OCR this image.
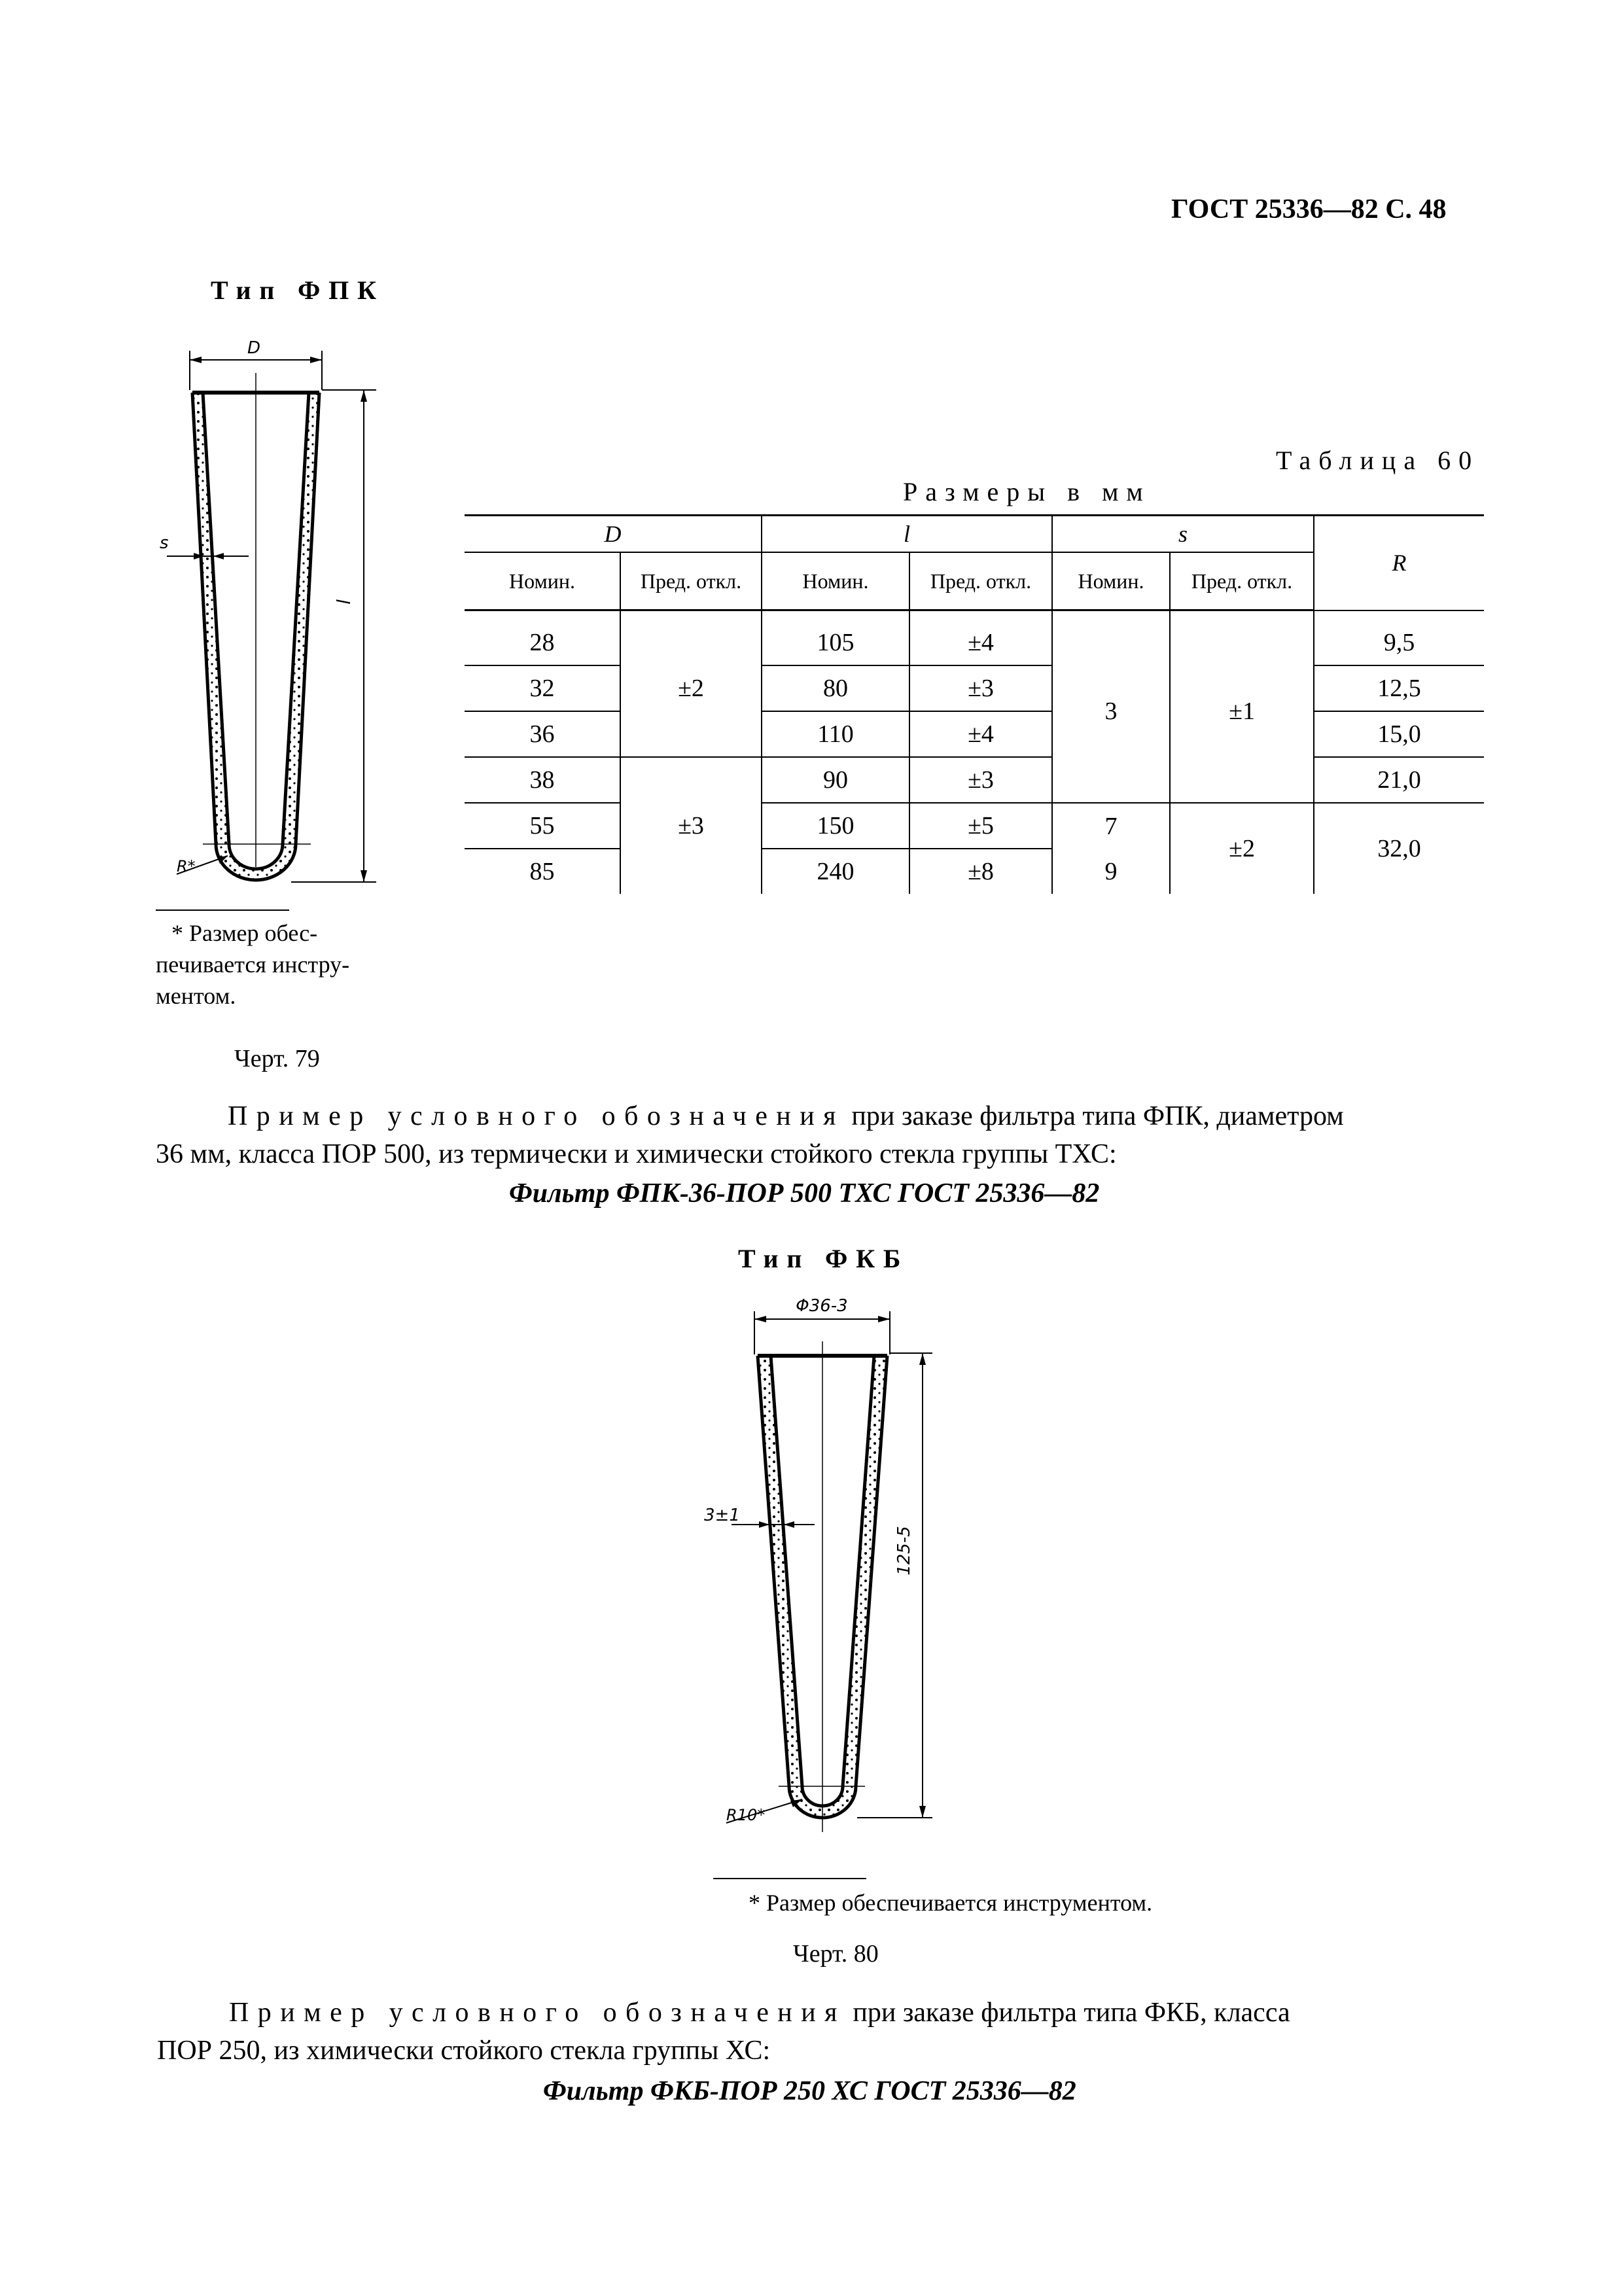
ГОСТ 25336—82 С. 48
Тип ФПК
D
s
l
R*
* Размер обес-
печивается инстру-
ментом.
Черт. 79
Таблица 60
Размеры в мм
D		l		s		R
Номин.	Пред. откл.	Номин.	Пред. откл.	Номин.	Пред. откл.	

28	±2	105	±4	3	±1	9,5
32		80	±3			12,5
36		110	±4			15,0
38	±3	90	±3			21,0
55		150	±5	7	±2	32,0
85		240	±8	9		
Пример условного обозначения при заказе фильтра типа ФПК, диаметром
36 мм, класса ПОР 500, из термически и химически стойкого стекла группы ТХС:
Фильтр ФПК-36-ПОР 500 ТХС ГОСТ 25336—82
Тип ФКБ
Φ36-3
3±1
125-5
R10*
* Размер обеспечивается инструментом.
Черт. 80
Пример условного обозначения при заказе фильтра типа ФКБ, класса
ПОР 250, из химически стойкого стекла группы ХС:
Фильтр ФКБ-ПОР 250 ХС ГОСТ 25336—82
